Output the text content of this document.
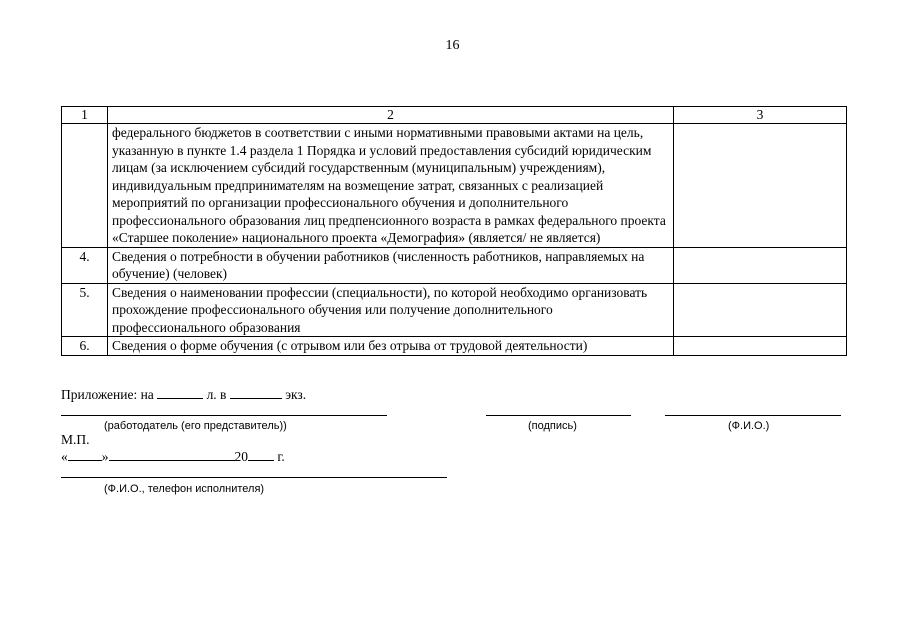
16
1	2	3

	федерального бюджетов в соответствии с иными нормативными правовыми актами на цель, указанную в пункте 1.4 раздела 1 Порядка и условий предоставления субсидий юридическим лицам (за исключением субсидий государственным (муниципальным) учреждениям), индивидуальным предпринимателям на возмещение затрат, связанных с реализацией мероприятий по организации профессионального обучения и дополнительного профессионального образования лиц предпенсионного возраста в рамках федерального проекта «Старшее поколение» национального проекта «Демография» (является/ не является)	

4.	Сведения о потребности в обучении работников (численность работников, направляемых на обучение) (человек)	
5.	Сведения о наименовании профессии (специальности), по которой необходимо организовать прохождение профессионального обучения или получение дополнительного профессионального образования	
6.	Сведения о форме обучения (с отрывом или без отрыва от трудовой деятельности)	
Приложение: на	л. в	экз.
(работодатель (его представитель))	(подпись)	(Ф.И.О.)
М.П.
«	»	20 г.
(Ф.И.О., телефон исполнителя)
